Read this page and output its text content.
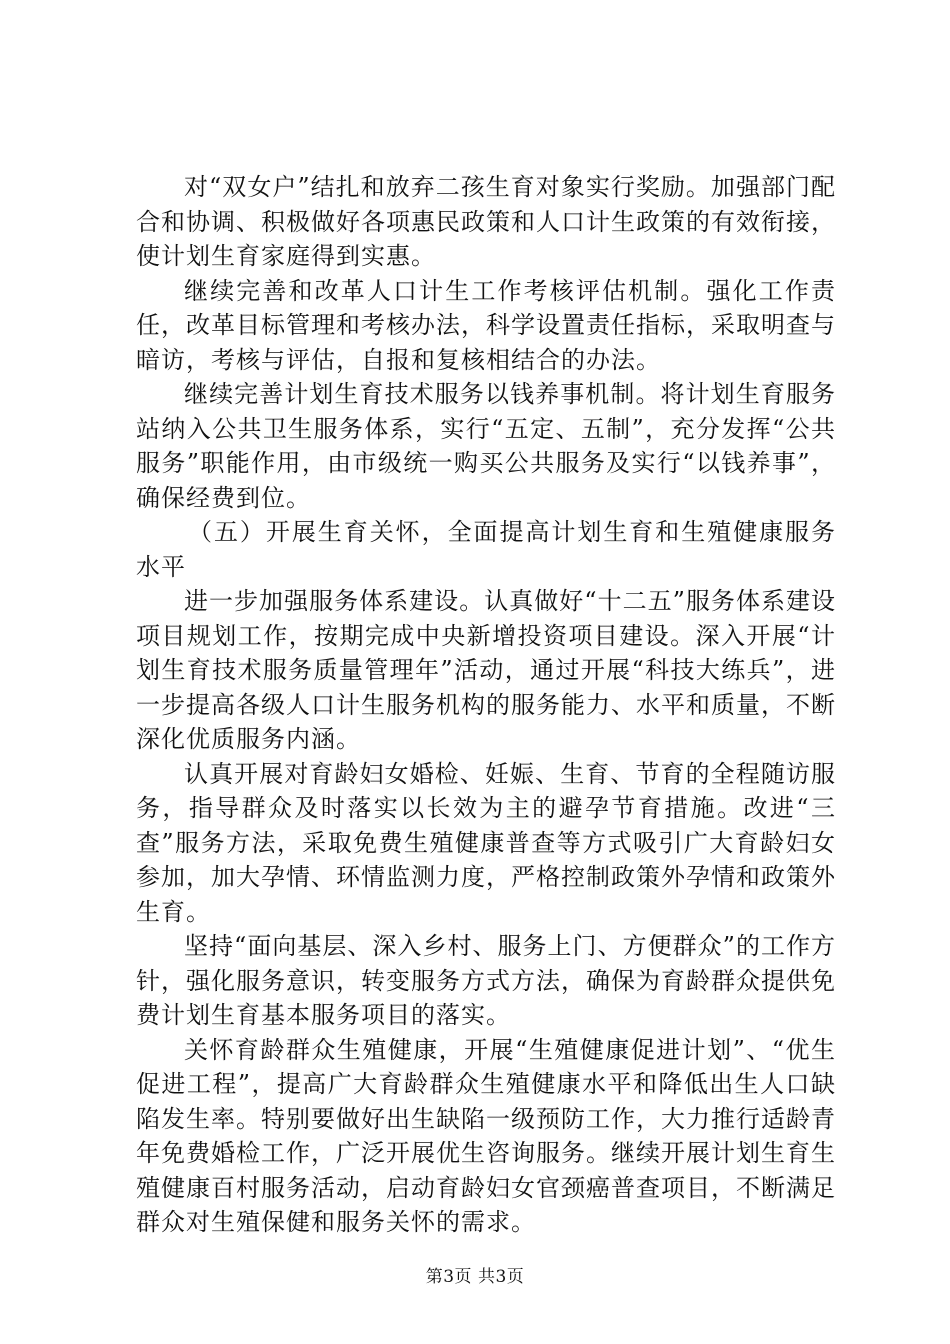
对“双女户”结扎和放弃二孩生育对象实行奖励。加强部门配合和协调、积极做好各项惠民政策和人口计生政策的有效衔接，使计划生育家庭得到实惠。

继续完善和改革人口计生工作考核评估机制。强化工作责任，改革目标管理和考核办法，科学设置责任指标，采取明查与暗访，考核与评估，自报和复核相结合的办法。

继续完善计划生育技术服务以钱养事机制。将计划生育服务站纳入公共卫生服务体系，实行“五定、五制”，充分发挥“公共服务”职能作用，由市级统一购买公共服务及实行“以钱养事”，确保经费到位。

（五）开展生育关怀，全面提高计划生育和生殖健康服务水平

进一步加强服务体系建设。认真做好“十二五”服务体系建设项目规划工作，按期完成中央新增投资项目建设。深入开展“计划生育技术服务质量管理年”活动，通过开展“科技大练兵”，进一步提高各级人口计生服务机构的服务能力、水平和质量，不断深化优质服务内涵。

认真开展对育龄妇女婚检、妊娠、生育、节育的全程随访服务，指导群众及时落实以长效为主的避孕节育措施。改进“三查”服务方法，采取免费生殖健康普查等方式吸引广大育龄妇女参加，加大孕情、环情监测力度，严格控制政策外孕情和政策外生育。

坚持“面向基层、深入乡村、服务上门、方便群众”的工作方针，强化服务意识，转变服务方式方法，确保为育龄群众提供免费计划生育基本服务项目的落实。

关怀育龄群众生殖健康，开展“生殖健康促进计划”、“优生促进工程”，提高广大育龄群众生殖健康水平和降低出生人口缺陷发生率。特别要做好出生缺陷一级预防工作，大力推行适龄青年免费婚检工作，广泛开展优生咨询服务。继续开展计划生育生殖健康百村服务活动，启动育龄妇女官颈癌普查项目，不断满足群众对生殖保健和服务关怀的需求。

第3页 共3页
